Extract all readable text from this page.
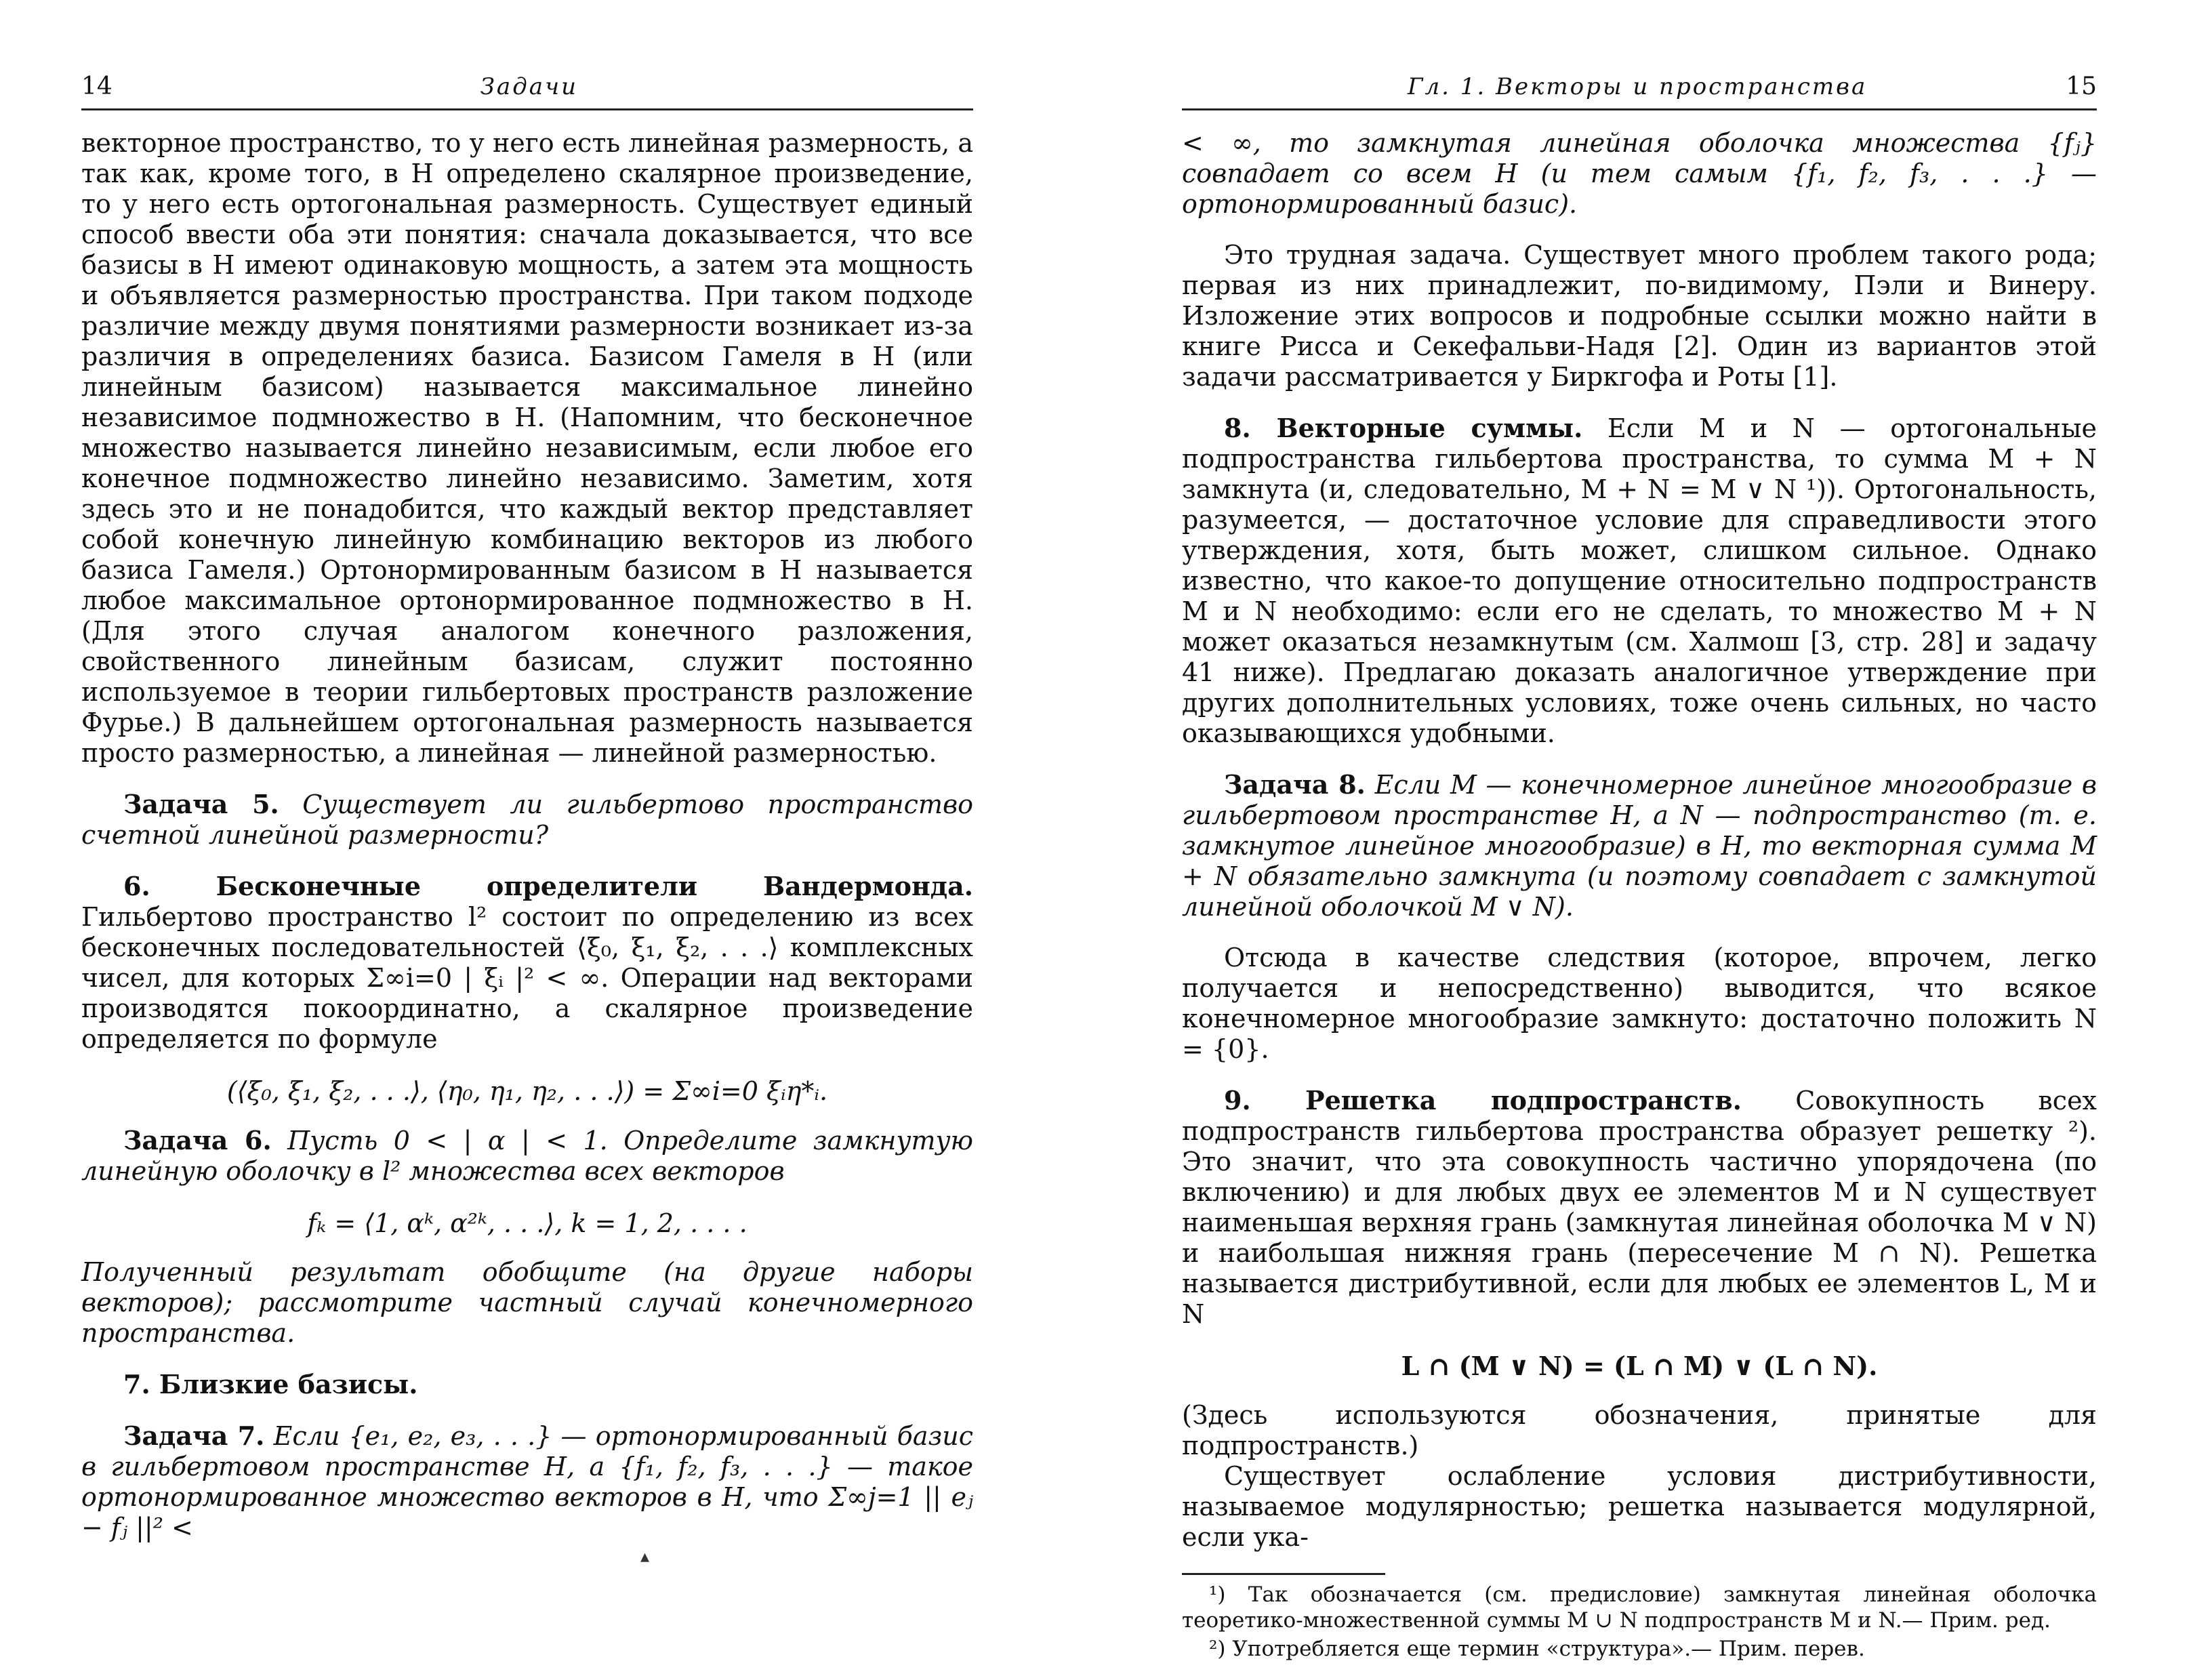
14	Задачи

векторное пространство, то у него есть линейная размерность, а так как, кроме того, в H определено скалярное произведение, то у него есть ортогональная размерность. Существует единый способ ввести оба эти понятия: сначала доказывается, что все базисы в H имеют одинаковую мощность, а затем эта мощность и объявляется размерностью пространства. При таком подходе различие между двумя понятиями размерности возникает из-за различия в определениях базиса. Базисом Гамеля в H (или линейным базисом) называется максимальное линейно независимое подмножество в H. (Напомним, что бесконечное множество называется линейно независимым, если любое его конечное подмножество линейно независимо. Заметим, хотя здесь это и не понадобится, что каждый вектор представляет собой конечную линейную комбинацию векторов из любого базиса Гамеля.) Ортонормированным базисом в H называется любое максимальное ортонормированное подмножество в H. (Для этого случая аналогом конечного разложения, свойственного линейным базисам, служит постоянно используемое в теории гильбертовых пространств разложение Фурье.) В дальнейшем ортогональная размерность называется просто размерностью, а линейная — линейной размерностью.

Задача 5. Существует ли гильбертово пространство счетной линейной размерности?

6. Бесконечные определители Вандермонда. Гильбертово пространство l² состоит по определению из всех бесконечных последовательностей ⟨ξ₀, ξ₁, ξ₂, . . .⟩ комплексных чисел, для которых Σ∞i=0 | ξᵢ |² < ∞. Операции над векторами производятся покоординатно, а скалярное произведение определяется по формуле

(⟨ξ₀, ξ₁, ξ₂, . . .⟩, ⟨η₀, η₁, η₂, . . .⟩) = Σ∞i=0 ξᵢη*ᵢ.

Задача 6. Пусть 0 < | α | < 1. Определите замкнутую линейную оболочку в l² множества всех векторов

fₖ = ⟨1, αᵏ, α²ᵏ, . . .⟩, k = 1, 2, . . . .

Полученный результат обобщите (на другие наборы векторов); рассмотрите частный случай конечномерного пространства.

7. Близкие базисы.

Задача 7. Если {e₁, e₂, e₃, . . .} — ортонормированный базис в гильбертовом пространстве H, а {f₁, f₂, f₃, . . .} — такое ортонормированное множество векторов в H, что Σ∞j=1 || eⱼ − fⱼ ||² <

▴
Гл. 1. Векторы и пространства	15

< ∞, то замкнутая линейная оболочка множества {fⱼ} совпадает со всем H (и тем самым {f₁, f₂, f₃, . . .} — ортонормированный базис).

Это трудная задача. Существует много проблем такого рода; первая из них принадлежит, по-видимому, Пэли и Винеру. Изложение этих вопросов и подробные ссылки можно найти в книге Рисса и Секефальви-Надя [2]. Один из вариантов этой задачи рассматривается у Биркгофа и Роты [1].

8. Векторные суммы. Если M и N — ортогональные подпространства гильбертова пространства, то сумма M + N замкнута (и, следовательно, M + N = M ∨ N ¹)). Ортогональность, разумеется, — достаточное условие для справедливости этого утверждения, хотя, быть может, слишком сильное. Однако известно, что какое-то допущение относительно подпространств M и N необходимо: если его не сделать, то множество M + N может оказаться незамкнутым (см. Халмош [3, стр. 28] и задачу 41 ниже). Предлагаю доказать аналогичное утверждение при других дополнительных условиях, тоже очень сильных, но часто оказывающихся удобными.

Задача 8. Если M — конечномерное линейное многообразие в гильбертовом пространстве H, а N — подпространство (т. е. замкнутое линейное многообразие) в H, то векторная сумма M + N обязательно замкнута (и поэтому совпадает с замкнутой линейной оболочкой M ∨ N).

Отсюда в качестве следствия (которое, впрочем, легко получается и непосредственно) выводится, что всякое конечномерное многообразие замкнуто: достаточно положить N = {0}.

9. Решетка подпространств. Совокупность всех подпространств гильбертова пространства образует решетку ²). Это значит, что эта совокупность частично упорядочена (по включению) и для любых двух ее элементов M и N существует наименьшая верхняя грань (замкнутая линейная оболочка M ∨ N) и наибольшая нижняя грань (пересечение M ∩ N). Решетка называется дистрибутивной, если для любых ее элементов L, M и N

L ∩ (M ∨ N) = (L ∩ M) ∨ (L ∩ N).

(Здесь используются обозначения, принятые для подпространств.)

Существует ослабление условия дистрибутивности, называемое модулярностью; решетка называется модулярной, если ука-

¹) Так обозначается (см. предисловие) замкнутая линейная оболочка теоретико-множественной суммы M ∪ N подпространств M и N.— Прим. ред.

²) Употребляется еще термин «структура».— Прим. перев.
